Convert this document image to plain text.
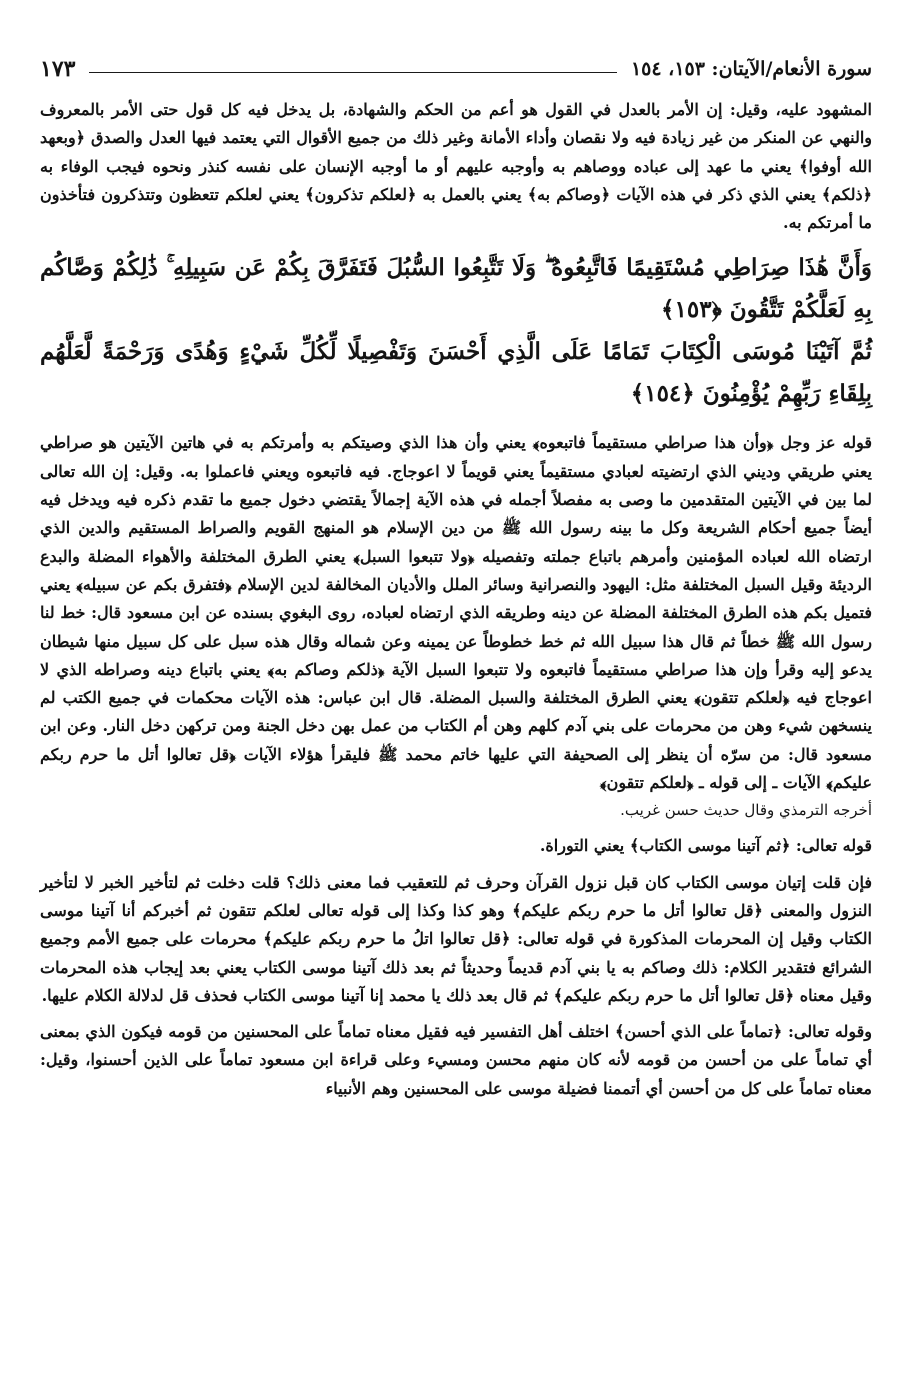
سورة الأنعام/الآيتان: ١٥٣، ١٥٤
١٧٣

المشهود عليه، وقيل: إن الأمر بالعدل في القول هو أعم من الحكم والشهادة، بل يدخل فيه كل قول حتى الأمر بالمعروف والنهي عن المنكر من غير زيادة فيه ولا نقصان وأداء الأمانة وغير ذلك من جميع الأقوال التي يعتمد فيها العدل والصدق ﴿وبعهد الله أوفوا﴾ يعني ما عهد إلى عباده ووصاهم به وأوجبه عليهم أو ما أوجبه الإنسان على نفسه كنذر ونحوه فيجب الوفاء به ﴿ذلكم﴾ يعني الذي ذكر في هذه الآيات ﴿وصاكم به﴾ يعني بالعمل به ﴿لعلكم تذكرون﴾ يعني لعلكم تتعظون وتتذكرون فتأخذون ما أمرتكم به.

وَأَنَّ هَٰذَا صِرَاطِي مُسْتَقِيمًا فَاتَّبِعُوهُ ۖ وَلَا تَتَّبِعُوا السُّبُلَ فَتَفَرَّقَ بِكُمْ عَن سَبِيلِهِ ۚ ذَٰلِكُمْ وَصَّاكُم بِهِ لَعَلَّكُمْ تَتَّقُونَ ﴿١٥٣﴾

ثُمَّ آتَيْنَا مُوسَى الْكِتَابَ تَمَامًا عَلَى الَّذِي أَحْسَنَ وَتَفْصِيلًا لِّكُلِّ شَيْءٍ وَهُدًى وَرَحْمَةً لَّعَلَّهُم بِلِقَاءِ رَبِّهِمْ يُؤْمِنُونَ ﴿١٥٤﴾

قوله عز وجل ﴿وأن هذا صراطي مستقيماً فاتبعوه﴾ يعني وأن هذا الذي وصيتكم به وأمرتكم به في هاتين الآيتين هو صراطي يعني طريقي وديني الذي ارتضيته لعبادي مستقيماً يعني قويماً لا اعوجاج. فيه فاتبعوه ويعني فاعملوا به. وقيل: إن الله تعالى لما بين في الآيتين المتقدمين ما وصى به مفصلاً أجمله في هذه الآية إجمالاً يقتضي دخول جميع ما تقدم ذكره فيه ويدخل فيه أيضاً جميع أحكام الشريعة وكل ما بينه رسول الله ﷺ من دين الإسلام هو المنهج القويم والصراط المستقيم والدين الذي ارتضاه الله لعباده المؤمنين وأمرهم باتباع جملته وتفصيله ﴿ولا تتبعوا السبل﴾ يعني الطرق المختلفة والأهواء المضلة والبدع الرديئة وقيل السبل المختلفة مثل: اليهود والنصرانية وسائر الملل والأديان المخالفة لدين الإسلام ﴿فتفرق بكم عن سبيله﴾ يعني فتميل بكم هذه الطرق المختلفة المضلة عن دينه وطريقه الذي ارتضاه لعباده، روى البغوي بسنده عن ابن مسعود قال: خط لنا رسول الله ﷺ خطاً ثم قال هذا سبيل الله ثم خط خطوطاً عن يمينه وعن شماله وقال هذه سبل على كل سبيل منها شيطان يدعو إليه وقرأ وإن هذا صراطي مستقيماً فاتبعوه ولا تتبعوا السبل الآية ﴿ذلكم وصاكم به﴾ يعني باتباع دينه وصراطه الذي لا اعوجاج فيه ﴿لعلكم تتقون﴾ يعني الطرق المختلفة والسبل المضلة. قال ابن عباس: هذه الآيات محكمات في جميع الكتب لم ينسخهن شيء وهن من محرمات على بني آدم كلهم وهن أم الكتاب من عمل بهن دخل الجنة ومن تركهن دخل النار. وعن ابن مسعود قال: من سرّه أن ينظر إلى الصحيفة التي عليها خاتم محمد ﷺ فليقرأ هؤلاء الآيات ﴿قل تعالوا أتل ما حرم ربكم عليكم﴾ الآيات ـ إلى قوله ـ ﴿لعلكم تتقون﴾

أخرجه الترمذي وقال حديث حسن غريب.

قوله تعالى: ﴿ثم آتينا موسى الكتاب﴾ يعني التوراة.

فإن قلت إتيان موسى الكتاب كان قبل نزول القرآن وحرف ثم للتعقيب فما معنى ذلك؟ قلت دخلت ثم لتأخير الخبر لا لتأخير النزول والمعنى ﴿قل تعالوا أتل ما حرم ربكم عليكم﴾ وهو كذا وكذا إلى قوله تعالى لعلكم تتقون ثم أخبركم أنا آتينا موسى الكتاب وقيل إن المحرمات المذكورة في قوله تعالى: ﴿قل تعالوا اتلُ ما حرم ربكم عليكم﴾ محرمات على جميع الأمم وجميع الشرائع فتقدير الكلام: ذلك وصاكم به يا بني آدم قديماً وحديثاً ثم بعد ذلك آتينا موسى الكتاب يعني بعد إيجاب هذه المحرمات وقيل معناه ﴿قل تعالوا أتل ما حرم ربكم عليكم﴾ ثم قال بعد ذلك يا محمد إنا آتينا موسى الكتاب فحذف قل لدلالة الكلام عليها.

وقوله تعالى: ﴿تماماً على الذي أحسن﴾ اختلف أهل التفسير فيه فقيل معناه تماماً على المحسنين من قومه فيكون الذي بمعنى أي تماماً على من أحسن من قومه لأنه كان منهم محسن ومسيء وعلى قراءة ابن مسعود تماماً على الذين أحسنوا، وقيل: معناه تماماً على كل من أحسن أي أتممنا فضيلة موسى على المحسنين وهم الأنبياء
